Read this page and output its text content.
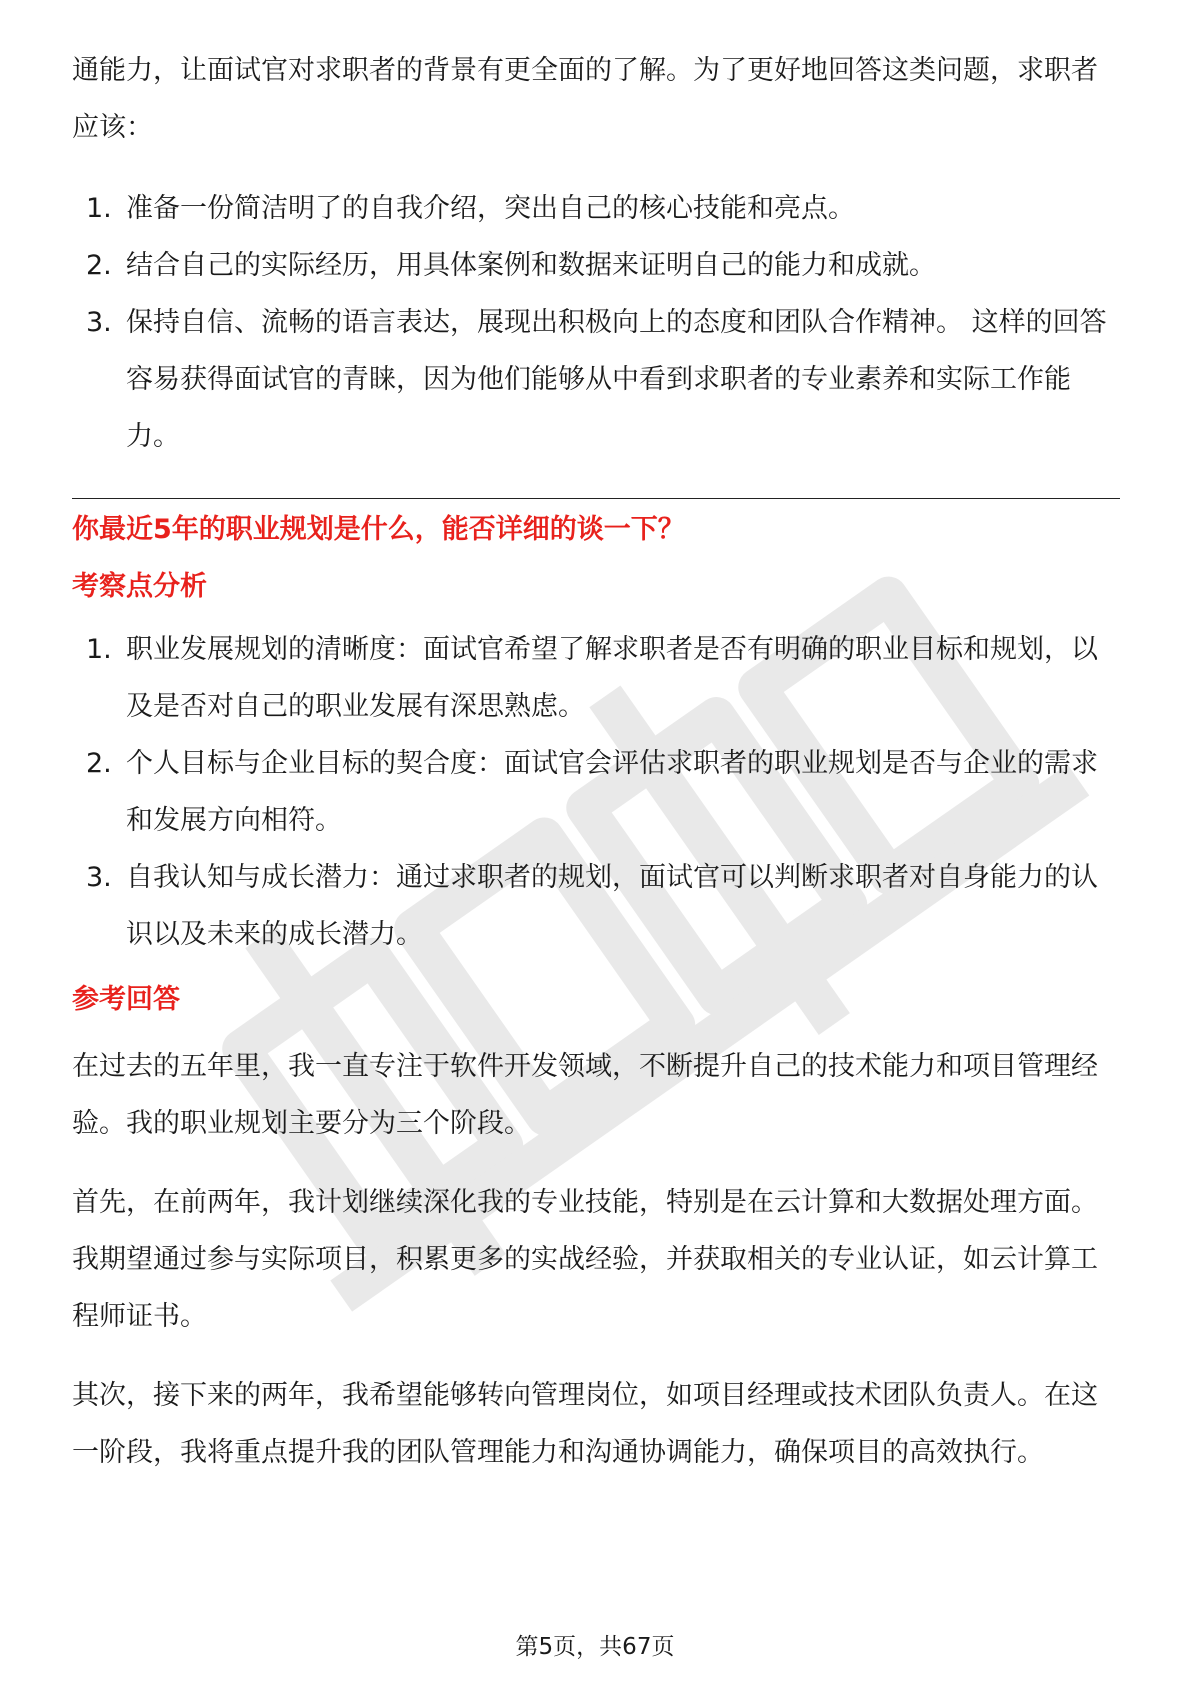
通能力，让面试官对求职者的背景有更全面的了解。为了更好地回答这类问题，求职者应该：

1. 准备一份简洁明了的自我介绍，突出自己的核心技能和亮点。
2. 结合自己的实际经历，用具体案例和数据来证明自己的能力和成就。
3. 保持自信、流畅的语言表达，展现出积极向上的态度和团队合作精神。 这样的回答容易获得面试官的青睐，因为他们能够从中看到求职者的专业素养和实际工作能力。

你最近5年的职业规划是什么，能否详细的谈一下？

考察点分析

1. 职业发展规划的清晰度：面试官希望了解求职者是否有明确的职业目标和规划，以及是否对自己的职业发展有深思熟虑。
2. 个人目标与企业目标的契合度：面试官会评估求职者的职业规划是否与企业的需求和发展方向相符。
3. 自我认知与成长潜力：通过求职者的规划，面试官可以判断求职者对自身能力的认识以及未来的成长潜力。

参考回答

在过去的五年里，我一直专注于软件开发领域，不断提升自己的技术能力和项目管理经验。我的职业规划主要分为三个阶段。

首先，在前两年，我计划继续深化我的专业技能，特别是在云计算和大数据处理方面。我期望通过参与实际项目，积累更多的实战经验，并获取相关的专业认证，如云计算工程师证书。

其次，接下来的两年，我希望能够转向管理岗位，如项目经理或技术团队负责人。在这一阶段，我将重点提升我的团队管理能力和沟通协调能力，确保项目的高效执行。

第5页，共67页
